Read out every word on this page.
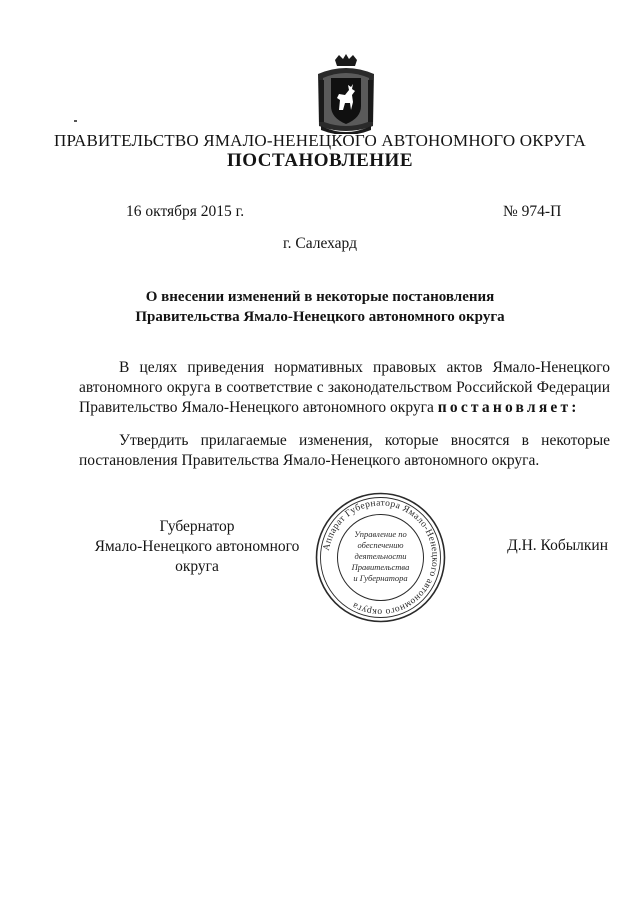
ПРАВИТЕЛЬСТВО ЯМАЛО-НЕНЕЦКОГО АВТОНОМНОГО ОКРУГА
ПОСТАНОВЛЕНИЕ
16 октября 2015 г.	№ 974-П
г. Салехард
О внесении изменений в некоторые постановления
Правительства Ямало-Ненецкого автономного округа
В целях приведения нормативных правовых актов Ямало-Ненецкого
автономного округа в соответствие с законодательством Российской Федерации
Правительство Ямало-Ненецкого автономного округа постановляет:
Утвердить прилагаемые изменения, которые вносятся в некоторые
постановления Правительства Ямало-Ненецкого автономного округа.
Губернатор
Ямало-Ненецкого автономного округа
Д.Н. Кобылкин
Аппарат Губернатора Ямало-Ненецкого автономного округа
Управление по
обеспечению
деятельности
Правительства
и Губернатора
